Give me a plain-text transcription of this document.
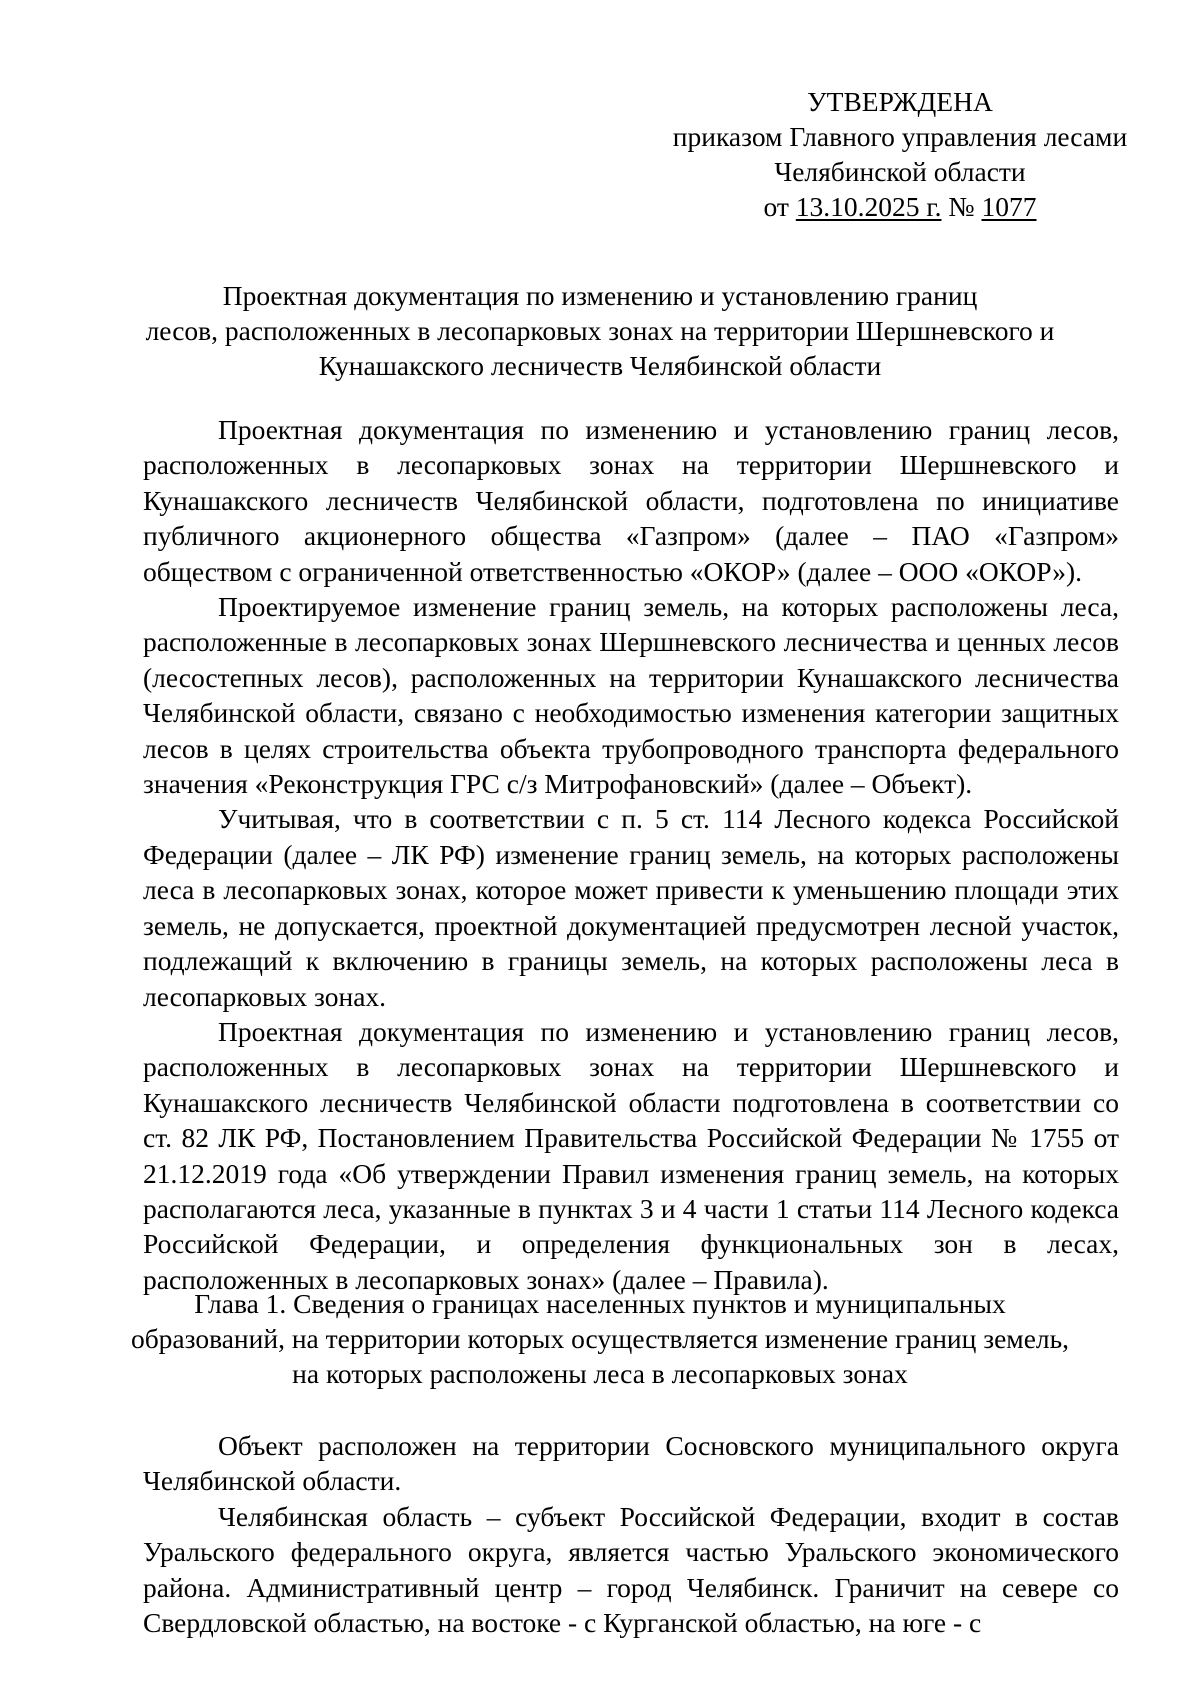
УТВЕРЖДЕНА
приказом Главного управления лесами
Челябинской области
от 13.10.2025 г. № 1077
Проектная документация по изменению и установлению границ
лесов, расположенных в лесопарковых зонах на территории Шершневского и
Кунашакского лесничеств Челябинской области

Проектная документация по изменению и установлению границ лесов, расположенных в лесопарковых зонах на территории Шершневского и Кунашакского лесничеств Челябинской области, подготовлена по инициативе публичного акционерного общества «Газпром» (далее – ПАО «Газпром» обществом с ограниченной ответственностью «ОКОР» (далее – ООО «ОКОР»).

Проектируемое изменение границ земель, на которых расположены леса, расположенные в лесопарковых зонах Шершневского лесничества и ценных лесов (лесостепных лесов), расположенных на территории Кунашакского лесничества Челябинской области, связано с необходимостью изменения категории защитных лесов в целях строительства объекта трубопроводного транспорта федерального значения «Реконструкция ГРС с/з Митрофановский» (далее – Объект).

Учитывая, что в соответствии с п. 5 ст. 114 Лесного кодекса Российской Федерации (далее – ЛК РФ) изменение границ земель, на которых расположены леса в лесопарковых зонах, которое может привести к уменьшению площади этих земель, не допускается, проектной документацией предусмотрен лесной участок, подлежащий к включению в границы земель, на которых расположены леса в лесопарковых зонах.

Проектная документация по изменению и установлению границ лесов, расположенных в лесопарковых зонах на территории Шершневского и Кунашакского лесничеств Челябинской области подготовлена в соответствии со ст. 82 ЛК РФ, Постановлением Правительства Российской Федерации № 1755 от 21.12.2019 года «Об утверждении Правил изменения границ земель, на которых располагаются леса, указанные в пунктах 3 и 4 части 1 статьи 114 Лесного кодекса Российской Федерации, и определения функциональных зон в лесах, расположенных в лесопарковых зонах» (далее – Правила).

Глава 1. Сведения о границах населенных пунктов и муниципальных
образований, на территории которых осуществляется изменение границ земель,
на которых расположены леса в лесопарковых зонах

Объект расположен на территории Сосновского муниципального округа Челябинской области.

Челябинская область – субъект Российской Федерации, входит в состав Уральского федерального округа, является частью Уральского экономического района. Административный центр – город Челябинск. Граничит на севере со Свердловской областью, на востоке - с Курганской областью, на юге - с
